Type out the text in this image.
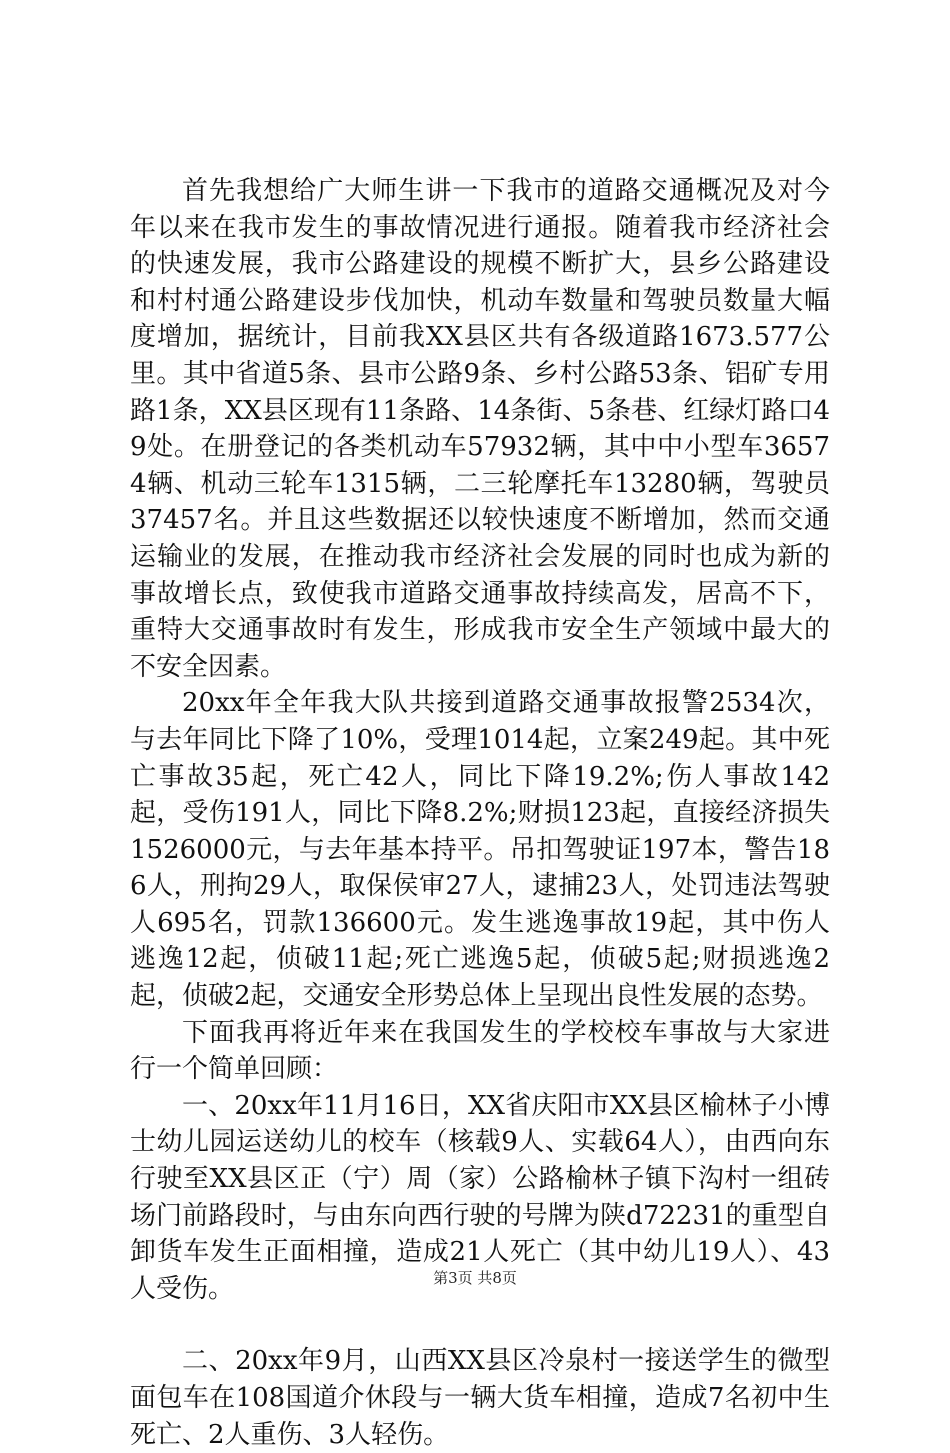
首先我想给广大师生讲一下我市的道路交通概况及对今年以来在我市发生的事故情况进行通报。随着我市经济社会的快速发展，我市公路建设的规模不断扩大，县乡公路建设和村村通公路建设步伐加快，机动车数量和驾驶员数量大幅度增加，据统计，目前我XX县区共有各级道路1673.577公里。其中省道5条、县市公路9条、乡村公路53条、铝矿专用路1条，XX县区现有11条路、14条街、5条巷、红绿灯路口49处。在册登记的各类机动车57932辆，其中中小型车36574辆、机动三轮车1315辆，二三轮摩托车13280辆，驾驶员37457名。并且这些数据还以较快速度不断增加，然而交通运输业的发展，在推动我市经济社会发展的同时也成为新的事故增长点，致使我市道路交通事故持续高发，居高不下，重特大交通事故时有发生，形成我市安全生产领域中最大的不安全因素。

20xx年全年我大队共接到道路交通事故报警2534次，与去年同比下降了10%，受理1014起，立案249起。其中死亡事故35起，死亡42人，同比下降19.2%;伤人事故142起，受伤191人，同比下降8.2%;财损123起，直接经济损失1526000元，与去年基本持平。吊扣驾驶证197本，警告186人，刑拘29人，取保侯审27人，逮捕23人，处罚违法驾驶人695名，罚款136600元。发生逃逸事故19起，其中伤人逃逸12起，侦破11起;死亡逃逸5起，侦破5起;财损逃逸2起，侦破2起，交通安全形势总体上呈现出良性发展的态势。

下面我再将近年来在我国发生的学校校车事故与大家进行一个简单回顾：

一、20xx年11月16日，XX省庆阳市XX县区榆林子小博士幼儿园运送幼儿的校车（核载9人、实载64人），由西向东行驶至XX县区正（宁）周（家）公路榆林子镇下沟村一组砖场门前路段时，与由东向西行驶的号牌为陕d72231的重型自卸货车发生正面相撞，造成21人死亡（其中幼儿19人）、43人受伤。

二、20xx年9月，山西XX县区冷泉村一接送学生的微型面包车在108国道介休段与一辆大货车相撞，造成7名初中生死亡、2人重伤、3人轻伤。

第3页 共8页
